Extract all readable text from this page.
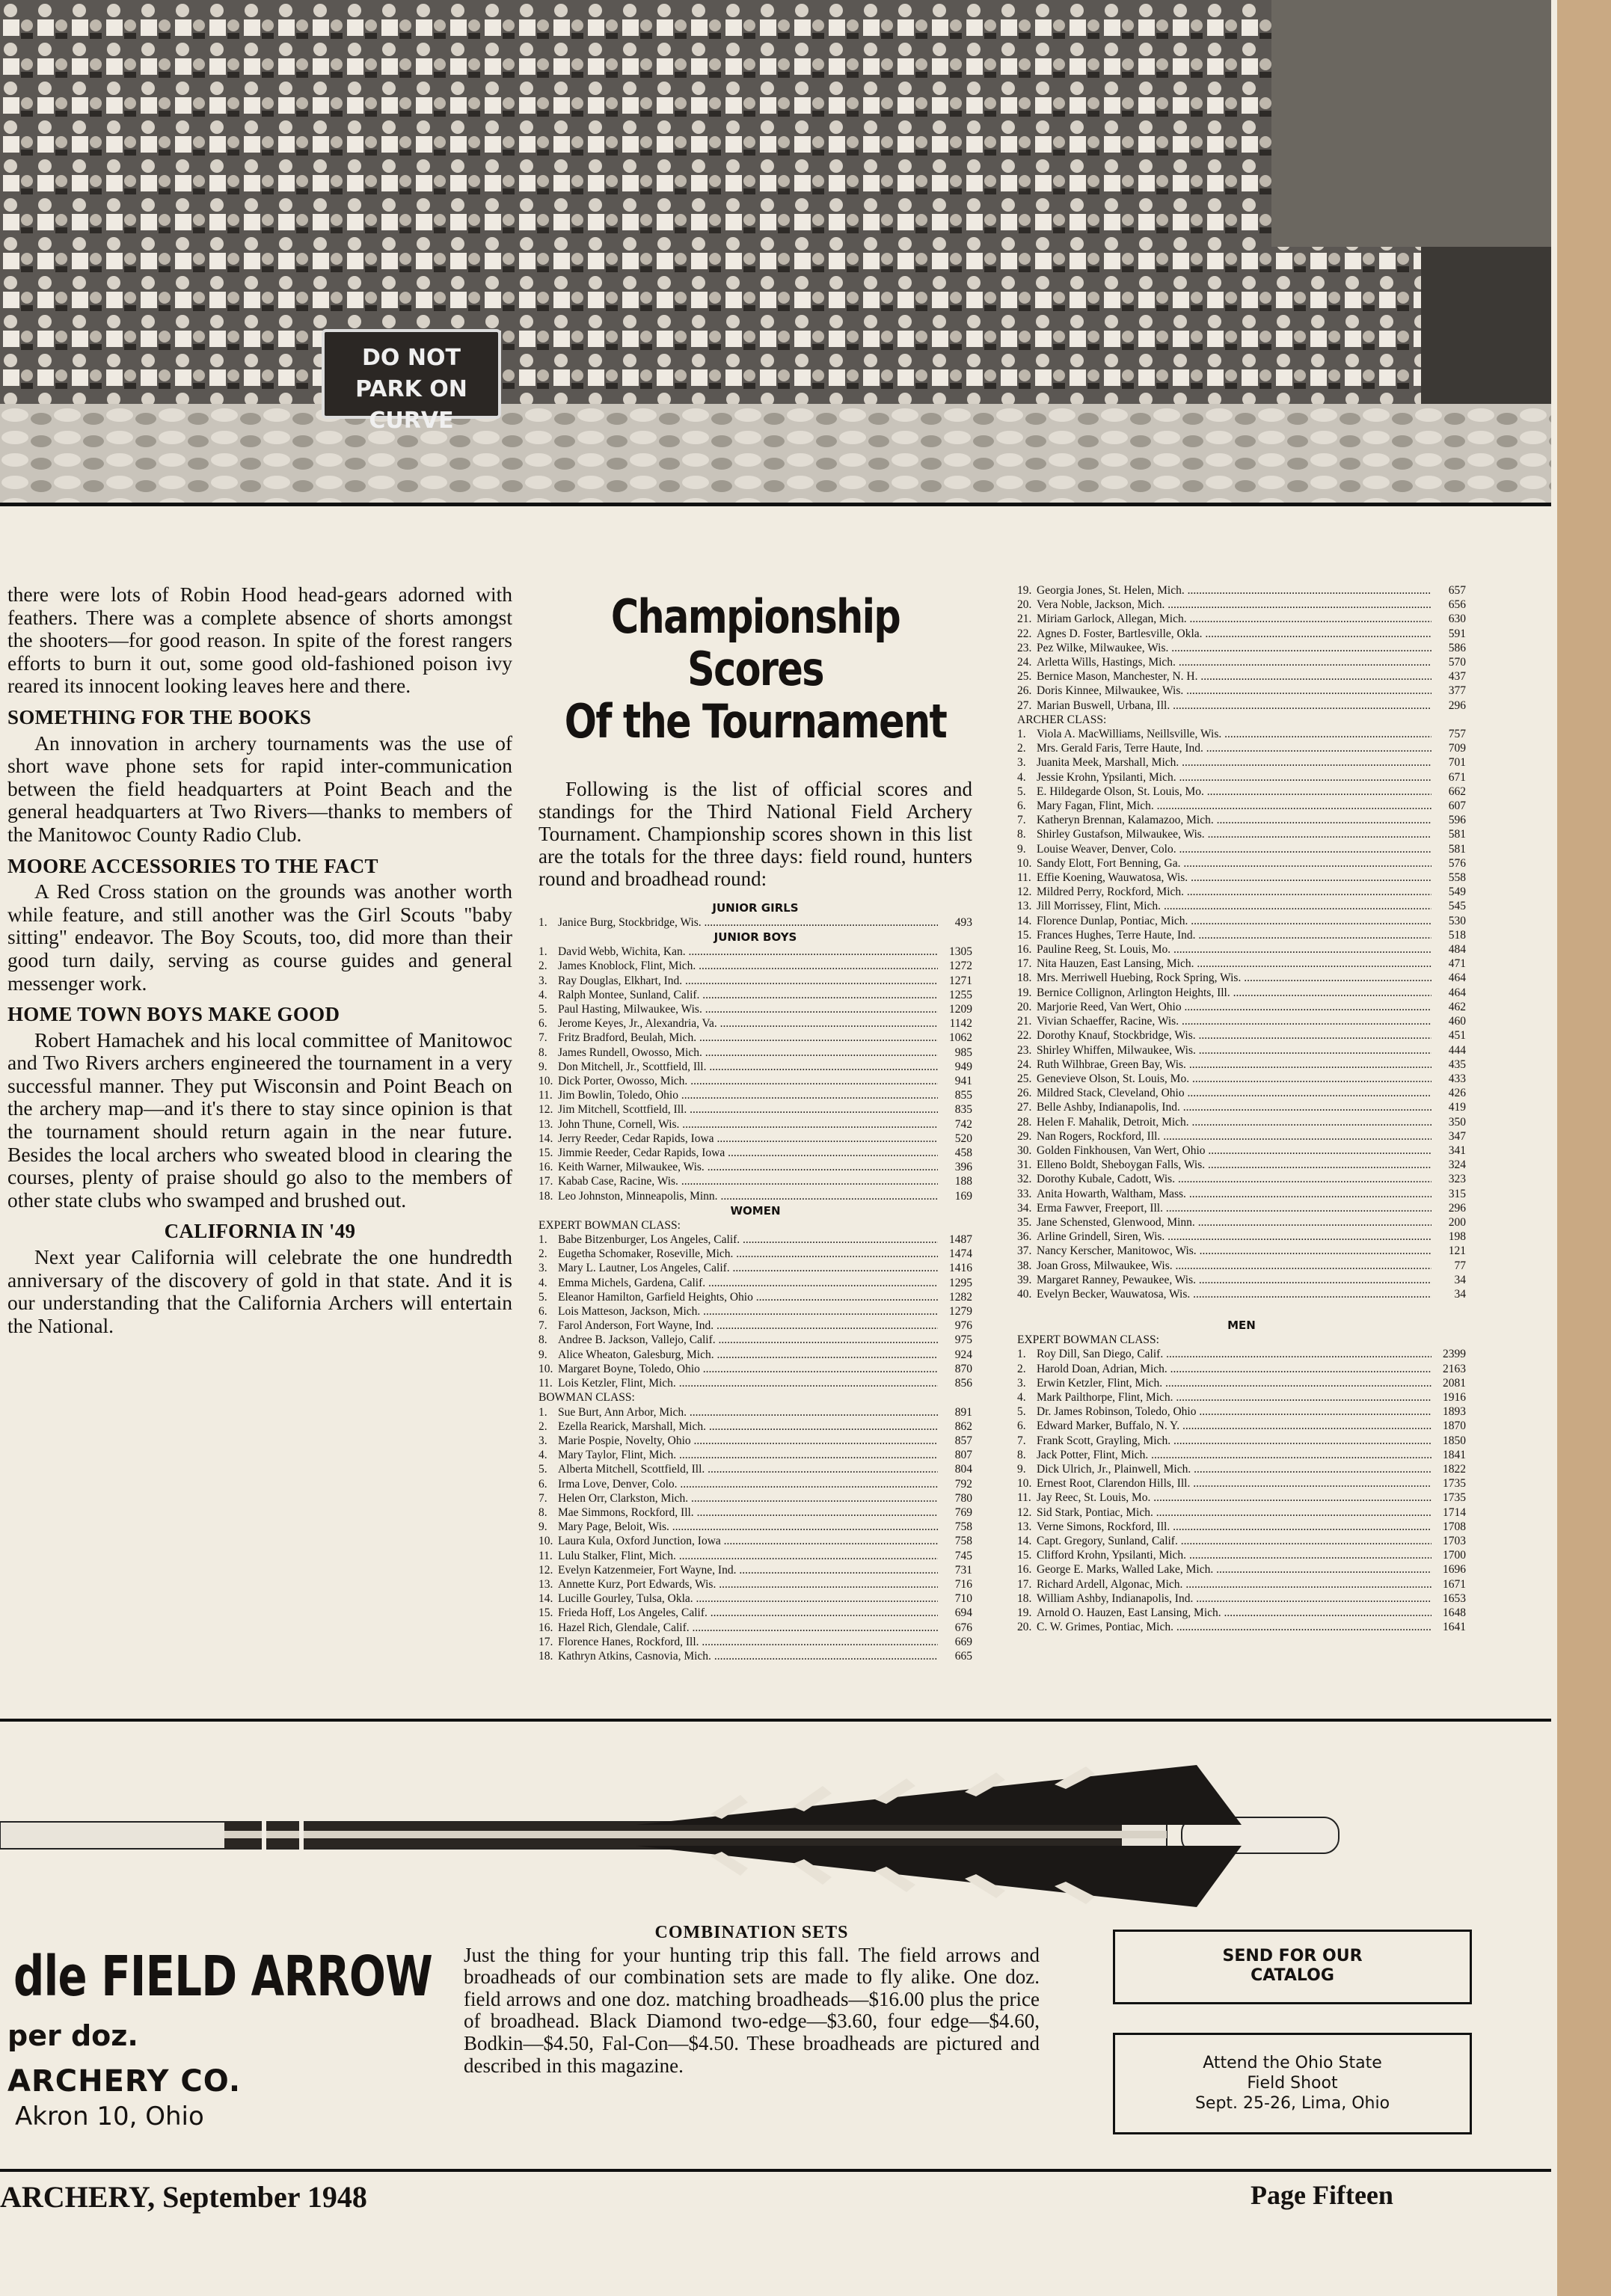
DO NOT
PARK ON CURVE

there were lots of Robin Hood head-gears adorned with feathers. There was a complete absence of shorts amongst the shooters—for good reason. In spite of the forest rangers efforts to burn it out, some good old-fashioned poison ivy reared its innocent looking leaves here and there.

SOMETHING FOR THE BOOKS

An innovation in archery tournaments was the use of short wave phone sets for rapid inter-communication between the field headquarters at Point Beach and the general headquarters at Two Rivers—thanks to members of the Manitowoc County Radio Club.

MOORE ACCESSORIES TO THE FACT

A Red Cross station on the grounds was another worth while feature, and still another was the Girl Scouts "baby sitting" endeavor. The Boy Scouts, too, did more than their good turn daily, serving as course guides and general messenger work.

HOME TOWN BOYS MAKE GOOD

Robert Hamachek and his local committee of Manitowoc and Two Rivers archers engineered the tournament in a very successful manner. They put Wisconsin and Point Beach on the archery map—and it's there to stay since opinion is that the tournament should return again in the near future. Besides the local archers who sweated blood in clearing the courses, plenty of praise should go also to the members of other state clubs who swamped and brushed out.

CALIFORNIA IN '49

Next year California will celebrate the one hundredth anniversary of the discovery of gold in that state. And it is our understanding that the California Archers will entertain the National.

Championship Scores
Of the Tournament

Following is the list of official scores and standings for the Third National Field Archery Tournament. Championship scores shown in this list are the totals for the three days: field round, hunters round and broadhead round:

JUNIOR GIRLS
1. Janice Burg, Stockbridge, Wis. .....	493
JUNIOR BOYS
1. David Webb, Wichita, Kan. .....	1305
2. James Knoblock, Flint, Mich. .....	1272
3. Ray Douglas, Elkhart, Ind. .....	1271
4. Ralph Montee, Sunland, Calif. .....	1255
5. Paul Hasting, Milwaukee, Wis. .....	1209
6. Jerome Keyes, Jr., Alexandria, Va. .....	1142
7. Fritz Bradford, Beulah, Mich. .....	1062
8. James Rundell, Owosso, Mich. .....	985
9. Don Mitchell, Jr., Scottfield, Ill. .....	949
10. Dick Porter, Owosso, Mich. .....	941
11. Jim Bowlin, Toledo, Ohio .....	855
12. Jim Mitchell, Scottfield, Ill. .....	835
13. John Thune, Cornell, Wis. .....	742
14. Jerry Reeder, Cedar Rapids, Iowa .....	520
15. Jimmie Reeder, Cedar Rapids, Iowa .....	458
16. Keith Warner, Milwaukee, Wis. .....	396
17. Kabab Case, Racine, Wis. .....	188
18. Leo Johnston, Minneapolis, Minn. .....	169
WOMEN
EXPERT BOWMAN CLASS:
1. Babe Bitzenburger, Los Angeles, Calif. .....	1487
2. Eugetha Schomaker, Roseville, Mich. .....	1474
3. Mary L. Lautner, Los Angeles, Calif. .....	1416
4. Emma Michels, Gardena, Calif. .....	1295
5. Eleanor Hamilton, Garfield Heights, Ohio .....	1282
6. Lois Matteson, Jackson, Mich. .....	1279
7. Farol Anderson, Fort Wayne, Ind. .....	976
8. Andree B. Jackson, Vallejo, Calif. .....	975
9. Alice Wheaton, Galesburg, Mich. .....	924
10. Margaret Boyne, Toledo, Ohio .....	870
11. Lois Ketzler, Flint, Mich. .....	856
BOWMAN CLASS:
1. Sue Burt, Ann Arbor, Mich. .....	891
2. Ezella Rearick, Marshall, Mich. .....	862
3. Marie Pospie, Novelty, Ohio .....	857
4. Mary Taylor, Flint, Mich. .....	807
5. Alberta Mitchell, Scottfield, Ill. .....	804
6. Irma Love, Denver, Colo. .....	792
7. Helen Orr, Clarkston, Mich. .....	780
8. Mae Simmons, Rockford, Ill. .....	769
9. Mary Page, Beloit, Wis. .....	758
10. Laura Kula, Oxford Junction, Iowa .....	758
11. Lulu Stalker, Flint, Mich. .....	745
12. Evelyn Katzenmeier, Fort Wayne, Ind. .....	731
13. Annette Kurz, Port Edwards, Wis. .....	716
14. Lucille Gourley, Tulsa, Okla. .....	710
15. Frieda Hoff, Los Angeles, Calif. .....	694
16. Hazel Rich, Glendale, Calif. .....	676
17. Florence Hanes, Rockford, Ill. .....	669
18. Kathryn Atkins, Casnovia, Mich. .....	665
19. Georgia Jones, St. Helen, Mich. .....	657
20. Vera Noble, Jackson, Mich. .....	656
21. Miriam Garlock, Allegan, Mich. .....	630
22. Agnes D. Foster, Bartlesville, Okla. .....	591
23. Pez Wilke, Milwaukee, Wis. .....	586
24. Arletta Wills, Hastings, Mich. .....	570
25. Bernice Mason, Manchester, N. H. .....	437
26. Doris Kinnee, Milwaukee, Wis. .....	377
27. Marian Buswell, Urbana, Ill. .....	296
ARCHER CLASS:
1. Viola A. MacWilliams, Neillsville, Wis. .....	757
2. Mrs. Gerald Faris, Terre Haute, Ind. .....	709
3. Juanita Meek, Marshall, Mich. .....	701
4. Jessie Krohn, Ypsilanti, Mich. .....	671
5. E. Hildegarde Olson, St. Louis, Mo. .....	662
6. Mary Fagan, Flint, Mich. .....	607
7. Katheryn Brennan, Kalamazoo, Mich. .....	596
8. Shirley Gustafson, Milwaukee, Wis. .....	581
9. Louise Weaver, Denver, Colo. .....	581
10. Sandy Elott, Fort Benning, Ga. .....	576
11. Effie Koening, Wauwatosa, Wis. .....	558
12. Mildred Perry, Rockford, Mich. .....	549
13. Jill Morrissey, Flint, Mich. .....	545
14. Florence Dunlap, Pontiac, Mich. .....	530
15. Frances Hughes, Terre Haute, Ind. .....	518
16. Pauline Reeg, St. Louis, Mo. .....	484
17. Nita Hauzen, East Lansing, Mich. .....	471
18. Mrs. Merriwell Huebing, Rock Spring, Wis. .....	464
19. Bernice Collignon, Arlington Heights, Ill. .....	464
20. Marjorie Reed, Van Wert, Ohio .....	462
21. Vivian Schaeffer, Racine, Wis. .....	460
22. Dorothy Knauf, Stockbridge, Wis. .....	451
23. Shirley Whiffen, Milwaukee, Wis. .....	444
24. Ruth Wilhbrae, Green Bay, Wis. .....	435
25. Genevieve Olson, St. Louis, Mo. .....	433
26. Mildred Stack, Cleveland, Ohio .....	426
27. Belle Ashby, Indianapolis, Ind. .....	419
28. Helen F. Mahalik, Detroit, Mich. .....	350
29. Nan Rogers, Rockford, Ill. .....	347
30. Golden Finkhousen, Van Wert, Ohio .....	341
31. Elleno Boldt, Sheboygan Falls, Wis. .....	324
32. Dorothy Kubale, Cadott, Wis. .....	323
33. Anita Howarth, Waltham, Mass. .....	315
34. Erma Fawver, Freeport, Ill. .....	296
35. Jane Schensted, Glenwood, Minn. .....	200
36. Arline Grindell, Siren, Wis. .....	198
37. Nancy Kerscher, Manitowoc, Wis. .....	121
38. Joan Gross, Milwaukee, Wis. .....	77
39. Margaret Ranney, Pewaukee, Wis. .....	34
40. Evelyn Becker, Wauwatosa, Wis. .....	34
MEN
EXPERT BOWMAN CLASS:
1. Roy Dill, San Diego, Calif. .....	2399
2. Harold Doan, Adrian, Mich. .....	2163
3. Erwin Ketzler, Flint, Mich. .....	2081
4. Mark Pailthorpe, Flint, Mich. .....	1916
5. Dr. James Robinson, Toledo, Ohio .....	1893
6. Edward Marker, Buffalo, N. Y. .....	1870
7. Frank Scott, Grayling, Mich. .....	1850
8. Jack Potter, Flint, Mich. .....	1841
9. Dick Ulrich, Jr., Plainwell, Mich. .....	1822
10. Ernest Root, Clarendon Hills, Ill. .....	1735
11. Jay Reec, St. Louis, Mo. .....	1735
12. Sid Stark, Pontiac, Mich. .....	1714
13. Verne Simons, Rockford, Ill. .....	1708
14. Capt. Gregory, Sunland, Calif. .....	1703
15. Clifford Krohn, Ypsilanti, Mich. .....	1700
16. George E. Marks, Walled Lake, Mich. .....	1696
17. Richard Ardell, Algonac, Mich. .....	1671
18. William Ashby, Indianapolis, Ind. .....	1653
19. Arnold O. Hauzen, East Lansing, Mich. .....	1648
20. C. W. Grimes, Pontiac, Mich. .....	1641
dle FIELD ARROW
per doz.
ARCHERY CO.
Akron 10, Ohio
COMBINATION SETS
Just the thing for your hunting trip this fall. The field arrows and broadheads of our combination sets are made to fly alike. One doz. field arrows and one doz. matching broadheads—$16.00 plus the price of broadhead. Black Diamond two-edge—$3.60, four edge—$4.60, Bodkin—$4.50, Fal-Con—$4.50. These broadheads are pictured and described in this magazine.
SEND FOR OUR
CATALOG
Attend the Ohio State
Field Shoot
Sept. 25-26, Lima, Ohio
ARCHERY, September 1948	Page Fifteen
